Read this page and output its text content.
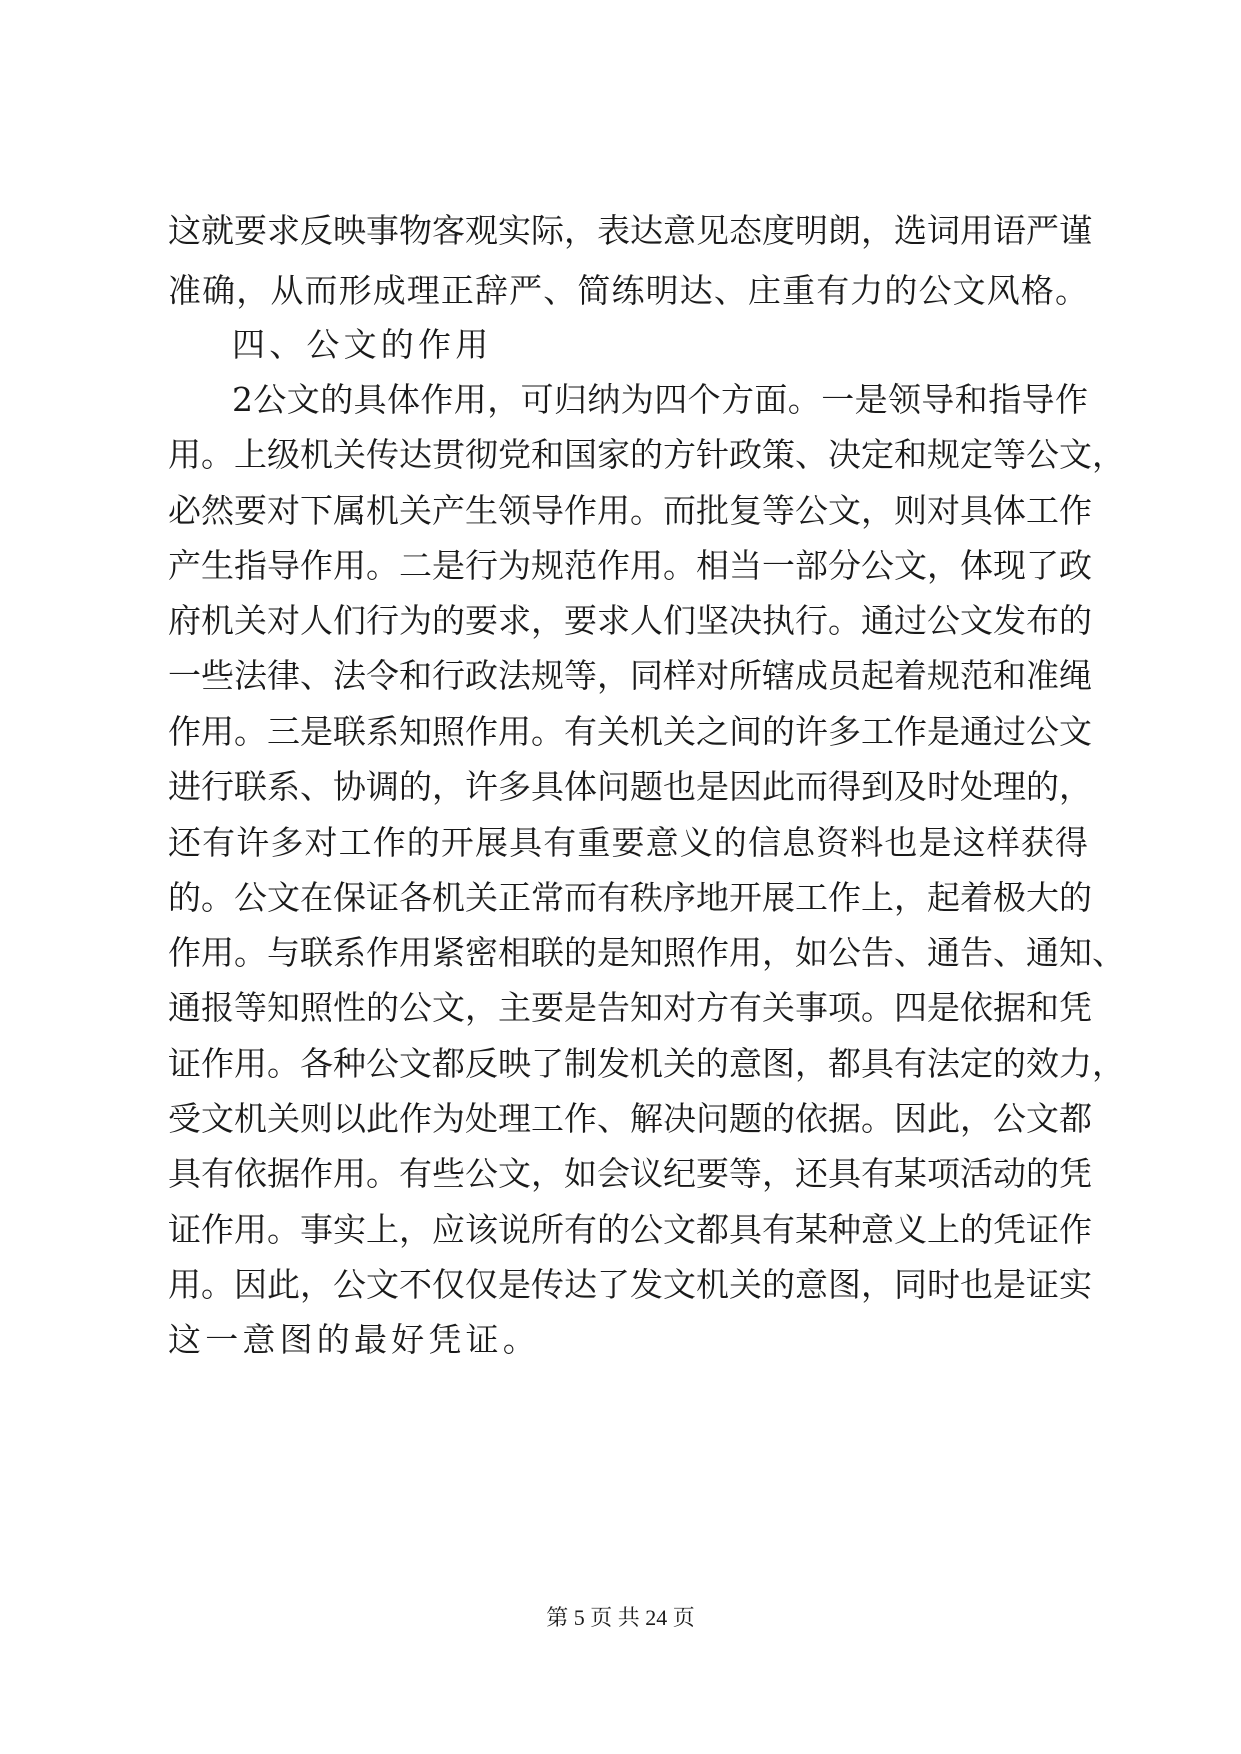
这就要求反映事物客观实际，表达意见态度明朗，选词用语严谨
准确，从而形成理正辞严、简练明达、庄重有力的公文风格。
四、公文的作用
2公文的具体作用，可归纳为四个方面。一是领导和指导作
用。上级机关传达贯彻党和国家的方针政策、决定和规定等公文，
必然要对下属机关产生领导作用。而批复等公文，则对具体工作
产生指导作用。二是行为规范作用。相当一部分公文，体现了政
府机关对人们行为的要求，要求人们坚决执行。通过公文发布的
一些法律、法令和行政法规等，同样对所辖成员起着规范和准绳
作用。三是联系知照作用。有关机关之间的许多工作是通过公文
进行联系、协调的，许多具体问题也是因此而得到及时处理的，
还有许多对工作的开展具有重要意义的信息资料也是这样获得
的。公文在保证各机关正常而有秩序地开展工作上，起着极大的
作用。与联系作用紧密相联的是知照作用，如公告、通告、通知、
通报等知照性的公文，主要是告知对方有关事项。四是依据和凭
证作用。各种公文都反映了制发机关的意图，都具有法定的效力，
受文机关则以此作为处理工作、解决问题的依据。因此，公文都
具有依据作用。有些公文，如会议纪要等，还具有某项活动的凭
证作用。事实上，应该说所有的公文都具有某种意义上的凭证作
用。因此，公文不仅仅是传达了发文机关的意图，同时也是证实
这一意图的最好凭证。
第 5 页 共 24 页
